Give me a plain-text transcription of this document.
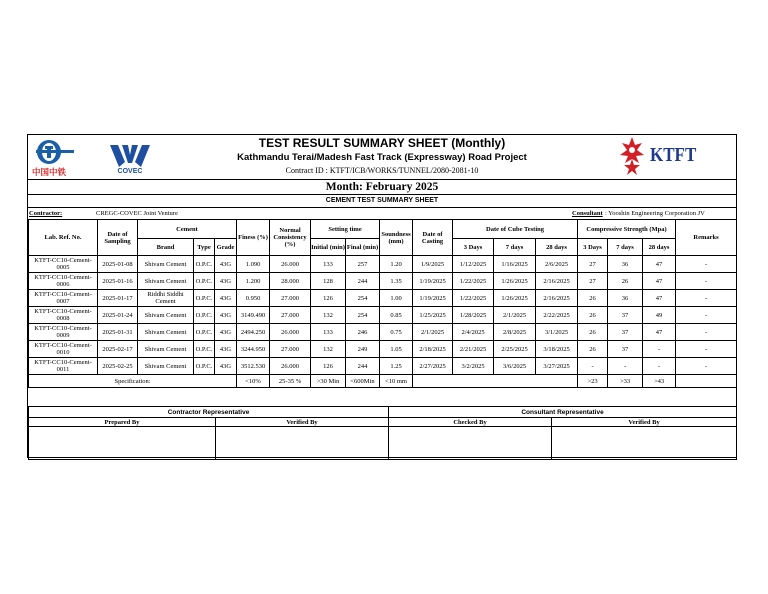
中国中铁	COVEC
KTFT
TEST RESULT SUMMARY SHEET (Monthly)
Kathmandu Terai/Madesh Fast Track (Expressway) Road Project
Contract ID : KTFT/ICB/WORKS/TUNNEL/2080-2081-10
Month: February 2025
CEMENT TEST SUMMARY SHEET
Contractor:	CREGC-COVEC Joint Venture	Consultant : Yooshin Engineering Corporation JV
Lab. Ref. No.	Date of Sampling	Cement			Finess (%)	Normal Consistency (%)	Setting time		Soundness (mm)	Date of Casting	Date of Cube Testing			Compressive Strength (Mpa)			Remarks
		Brand	Type	Grade			Initial (min)	Final (min)			3 Days	7 days	28 days	3 Days	7 days	28 days	
KTFT-CC10-Cement-0005	2025-01-08	Shivam Cement	O.P.C.	43G	1.090	26.000	133	257	1.20	1/9/2025	1/12/2025	1/16/2025	2/6/2025	27	36	47	-
KTFT-CC10-Cement-0006	2025-01-16	Shivam Cement	O.P.C.	43G	1.200	28.000	128	244	1.35	1/19/2025	1/22/2025	1/26/2025	2/16/2025	27	26	47	-
KTFT-CC10-Cement-0007	2025-01-17	Riddhi Siddhi Cement	O.P.C.	43G	0.950	27.000	126	254	1.00	1/19/2025	1/22/2025	1/26/2025	2/16/2025	26	36	47	-
KTFT-CC10-Cement-0008	2025-01-24	Shivam Cement	O.P.C.	43G	3149.490	27.000	132	254	0.85	1/25/2025	1/28/2025	2/1/2025	2/22/2025	26	37	49	-
KTFT-CC10-Cement-0009	2025-01-31	Shivam Cement	O.P.C.	43G	2494.250	26.000	133	246	0.75	2/1/2025	2/4/2025	2/8/2025	3/1/2025	26	37	47	-
KTFT-CC10-Cement-0010	2025-02-17	Shivam Cement	O.P.C.	43G	3244.950	27.000	132	249	1.05	2/18/2025	2/21/2025	2/25/2025	3/18/2025	26	37	-	-
KTFT-CC10-Cement-0011	2025-02-25	Shivam Cement	O.P.C.	43G	3512.530	26.000	126	244	1.25	2/27/2025	3/2/2025	3/6/2025	3/27/2025	-	-	-	-
Specification:					<10%	25-35 %	>30 Min	<600Min	<10 mm					>23	>33	>43	
Contractor Representative		Consultant Representative	
Prepared By	Verified By	Checked By	Verified By
